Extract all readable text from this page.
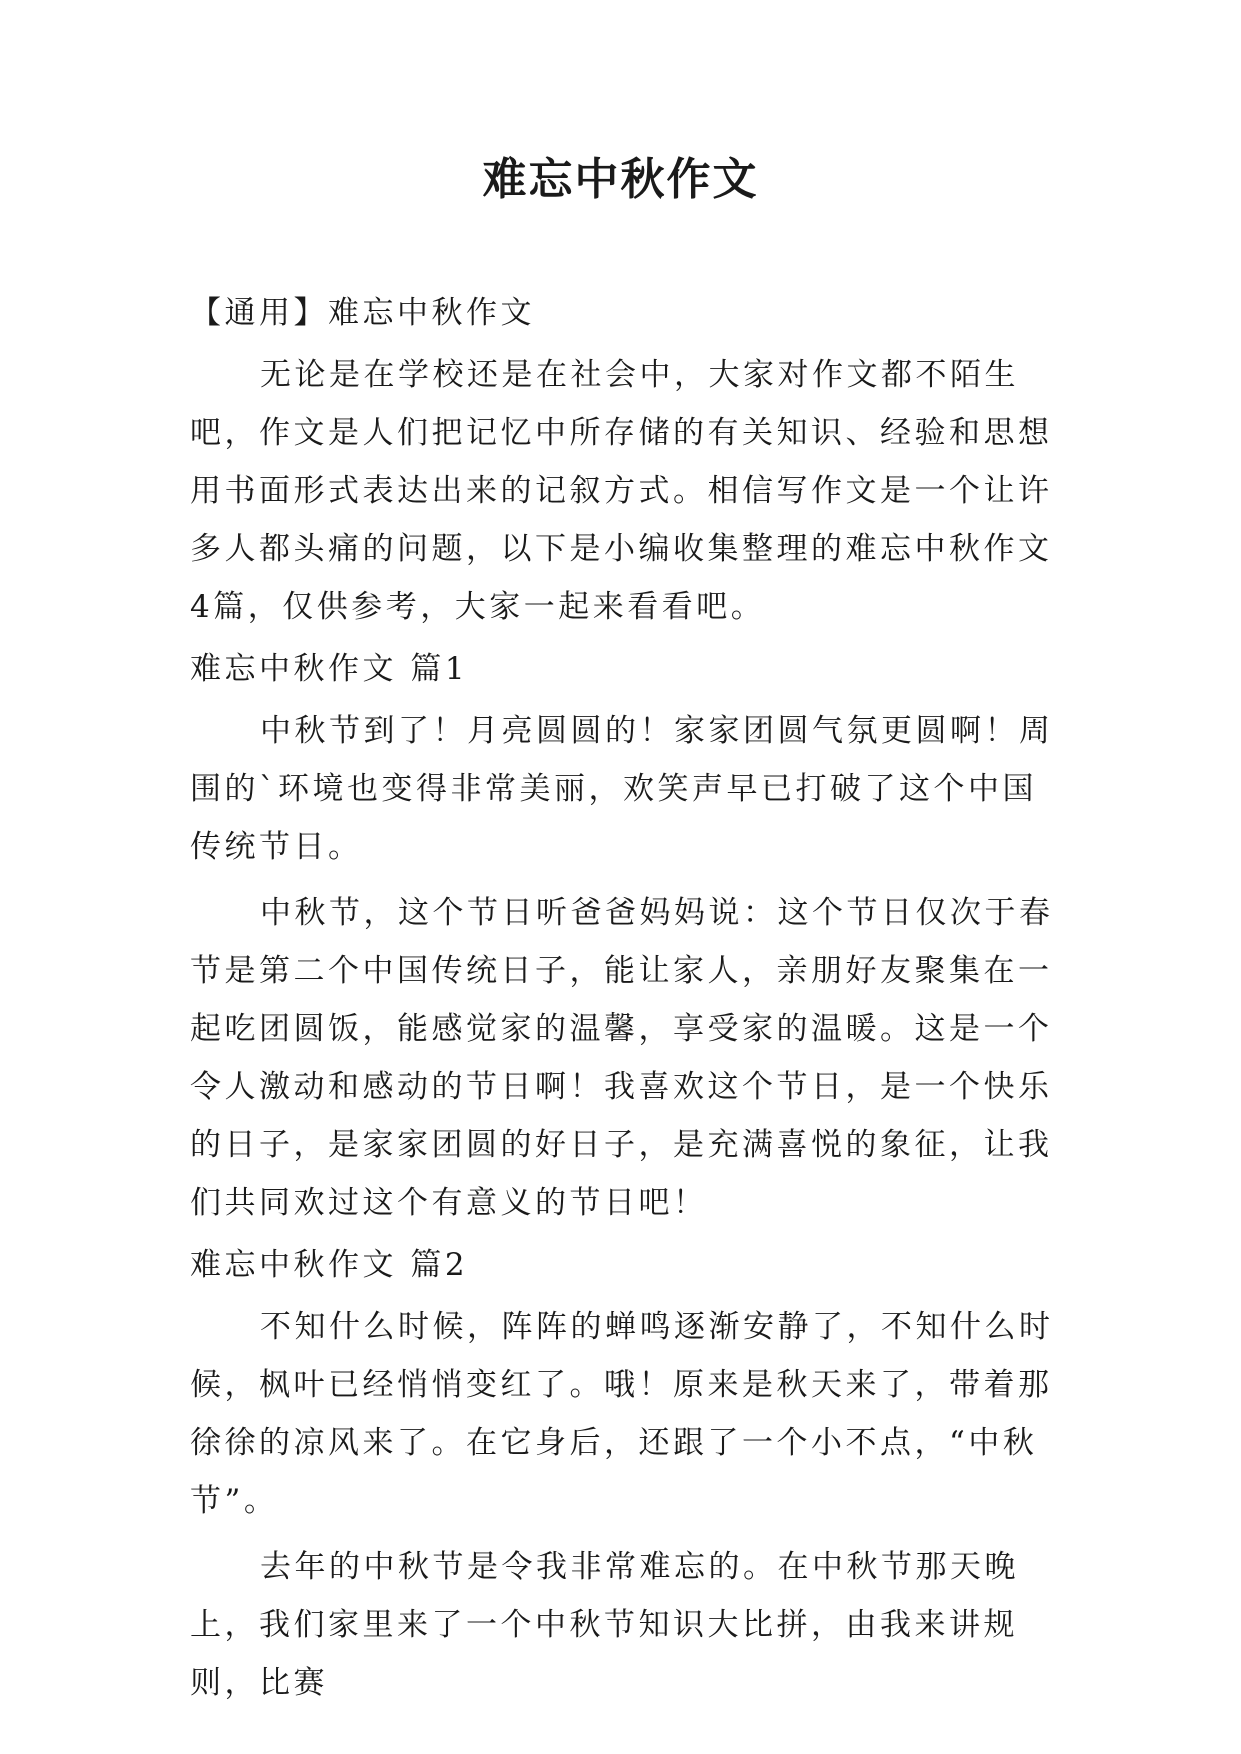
难忘中秋作文

【通用】难忘中秋作文

无论是在学校还是在社会中，大家对作文都不陌生吧，作文是人们把记忆中所存储的有关知识、经验和思想用书面形式表达出来的记叙方式。相信写作文是一个让许多人都头痛的问题，以下是小编收集整理的难忘中秋作文4篇，仅供参考，大家一起来看看吧。

难忘中秋作文 篇1

中秋节到了！月亮圆圆的！家家团圆气氛更圆啊！周围的`环境也变得非常美丽，欢笑声早已打破了这个中国传统节日。

中秋节，这个节日听爸爸妈妈说：这个节日仅次于春节是第二个中国传统日子，能让家人，亲朋好友聚集在一起吃团圆饭，能感觉家的温馨，享受家的温暖。这是一个令人激动和感动的节日啊！我喜欢这个节日，是一个快乐的日子，是家家团圆的好日子，是充满喜悦的象征，让我们共同欢过这个有意义的节日吧！

难忘中秋作文 篇2

不知什么时候，阵阵的蝉鸣逐渐安静了，不知什么时候，枫叶已经悄悄变红了。哦！原来是秋天来了，带着那徐徐的凉风来了。在它身后，还跟了一个小不点，“中秋节”。

去年的中秋节是令我非常难忘的。在中秋节那天晚上，我们家里来了一个中秋节知识大比拼，由我来讲规则，比赛
